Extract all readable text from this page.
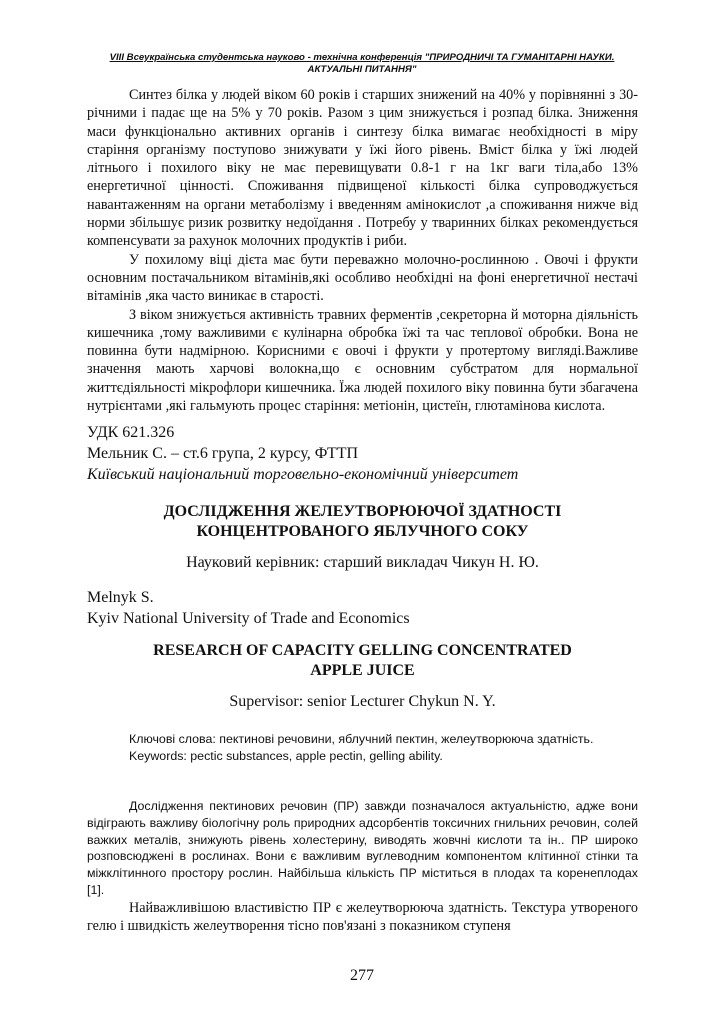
VIII Всеукраїнська студентська науково - технічна конференція "ПРИРОДНИЧІ ТА ГУМАНІТАРНІ НАУКИ.
АКТУАЛЬНІ ПИТАННЯ"

Синтез білка у людей віком 60 років і старших знижений на 40% у порівнянні з 30-річними і падає ще на 5% у 70 років. Разом з цим знижується і розпад білка. Зниження маси функціонально активних органів і синтезу білка вимагає необхідності в міру старіння організму поступово знижувати у їжі його рівень. Вміст білка у їжі людей літнього і похилого віку не має перевищувати 0.8-1 г на 1кг ваги тіла,або 13% енергетичної цінності. Споживання підвищеної кількості білка супроводжується навантаженням на органи метаболізму і введенням амінокислот ,а споживання нижче від норми збільшує ризик розвитку недоїдання . Потребу у тваринних білках рекомендується компенсувати за рахунок молочних продуктів і риби.

У похилому віці дієта має бути переважно молочно-рослинною . Овочі і фрукти основним постачальником вітамінів,які особливо необхідні на фоні енергетичної нестачі вітамінів ,яка часто виникає в старості.

З віком знижується активність травних ферментів ,секреторна й моторна діяльність кишечника ,тому важливими є кулінарна обробка їжі та час теплової обробки. Вона не повинна бути надмірною. Корисними є овочі і фрукти у протертому вигляді.Важливе значення мають харчові волокна,що є основним субстратом для нормальної життєдіяльності мікрофлори кишечника. Їжа людей похилого віку повинна бути збагачена нутрієнтами ,які гальмують процес старіння: метіонін, цистеїн, глютамінова кислота.

УДК 621.326
Мельник С. – ст.6 група, 2 курсу, ФТТП
Київський національний торговельно-економічний університет
ДОСЛІДЖЕННЯ ЖЕЛЕУТВОРЮЮЧОЇ ЗДАТНОСТІ
КОНЦЕНТРОВАНОГО ЯБЛУЧНОГО СОКУ
Науковий керівник: старший викладач Чикун Н. Ю.
Melnyk S.
Kyiv National University of Trade and Economics
RESEARCH OF CAPACITY GELLING CONCENTRATED
APPLE JUICE
Supervisor: senior Lecturer Chykun N. Y.

Ключові слова: пектинові речовини, яблучний пектин, желеутворююча здатність.

Keywords: pectic substances, apple pectin, gelling ability.

Дослідження пектинових речовин (ПР) завжди позначалося актуальністю, адже вони відіграють важливу біологічну роль природних адсорбентів токсичних гнильних речовин, солей важких металів, знижують рівень холестерину, виводять жовчні кислоти та ін.. ПР широко розповсюджені в рослинах. Вони є важливим вуглеводним компонентом клітинної стінки та міжклітинного простору рослин. Найбільша кількість ПР міститься в плодах та коренеплодах [1].

Найважливішою властивістю ПР є желеутворююча здатність. Текстура утвореного гелю і швидкість желеутворення тісно пов'язані з показником ступеня

277
